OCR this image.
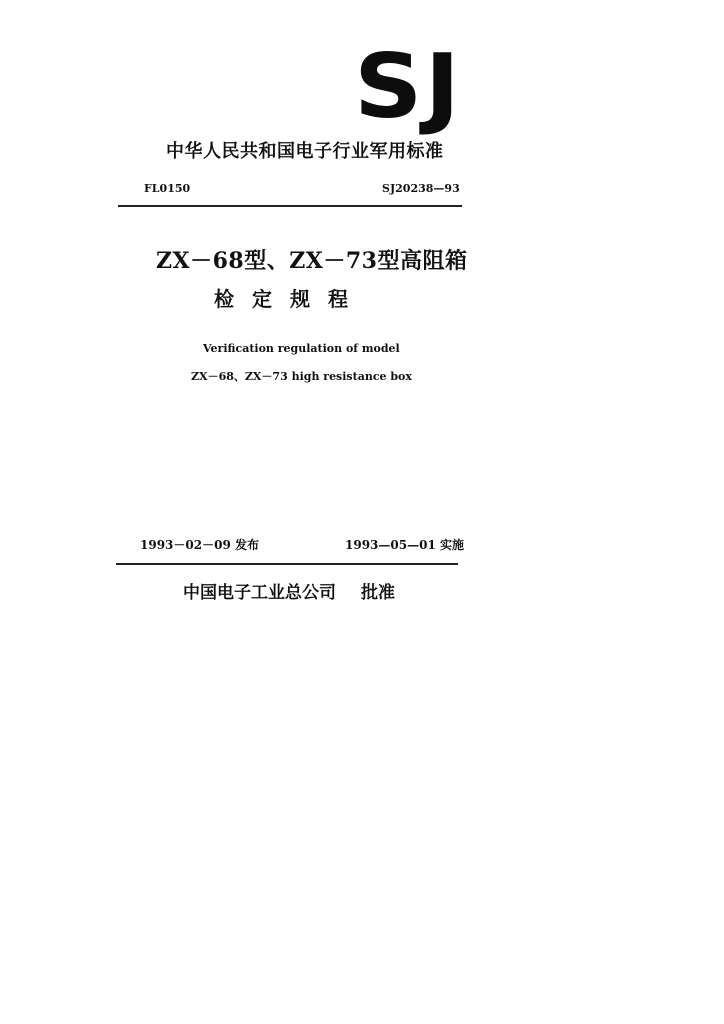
SJ
中华人民共和国电子行业军用标准
FL0150	SJ20238—93
ZX－68型、ZX－73型高阻箱
检定规程
Verification regulation of model
ZX－68、ZX－73 high resistance box
1993－02－09 发布	1993—05—01 实施
中国电子工业总公司 批准
